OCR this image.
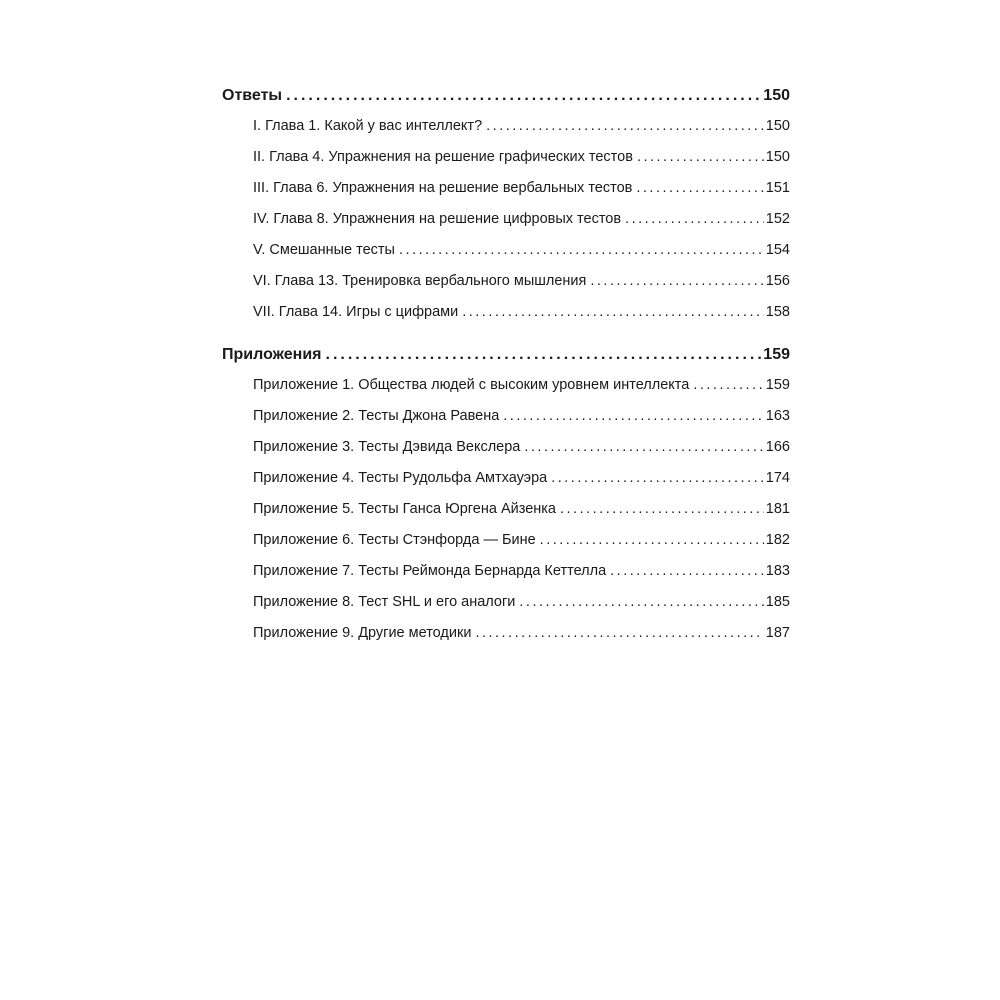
Ответы .....	150
I. Глава 1. Какой у вас интеллект? .....	150
II. Глава 4. Упражнения на решение графических тестов .....	150
III. Глава 6. Упражнения на решение вербальных тестов .....	151
IV. Глава 8. Упражнения на решение цифровых тестов .....	152
V. Смешанные тесты .....	154
VI. Глава 13. Тренировка вербального мышления .....	156
VII. Глава 14. Игры с цифрами .....	158
Приложения .....	159
Приложение 1. Общества людей с высоким уровнем интеллекта .....	159
Приложение 2. Тесты Джона Равена .....	163
Приложение 3. Тесты Дэвида Векслера .....	166
Приложение 4. Тесты Рудольфа Амтхауэра .....	174
Приложение 5. Тесты Ганса Юргена Айзенка .....	181
Приложение 6. Тесты Стэнфорда — Бине .....	182
Приложение 7. Тесты Реймонда Бернарда Кеттелла .....	183
Приложение 8. Тест SHL и его аналоги .....	185
Приложение 9. Другие методики .....	187
